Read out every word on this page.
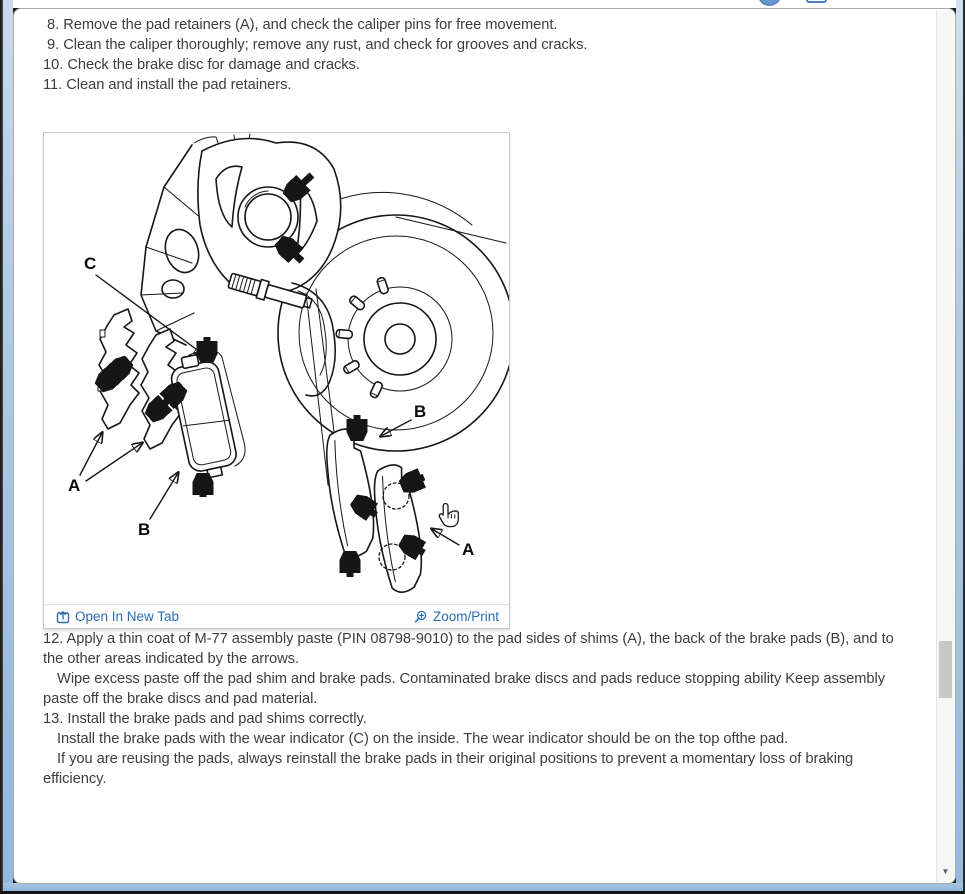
8. Remove the pad retainers (A), and check the caliper pins for free movement.

9. Clean the caliper thoroughly; remove any rust, and check for grooves and cracks.

10. Check the brake disc for damage and cracks.

11. Clean and install the pad retainers.

C
A
B
B
A
Open In New Tab	Zoom/Print

12. Apply a thin coat of M-77 assembly paste (PIN 08798-9010) to the pad sides of shims (A), the back of the brake pads (B), and to the other areas indicated by the arrows.
Wipe excess paste off the pad shim and brake pads. Contaminated brake discs and pads reduce stopping ability Keep assembly paste off the brake discs and pad material.

13. Install the brake pads and pad shims correctly.
Install the brake pads with the wear indicator (C) on the inside. The wear indicator should be on the top ofthe pad.
If you are reusing the pads, always reinstall the brake pads in their original positions to prevent a momentary loss of braking efficiency.

▼
